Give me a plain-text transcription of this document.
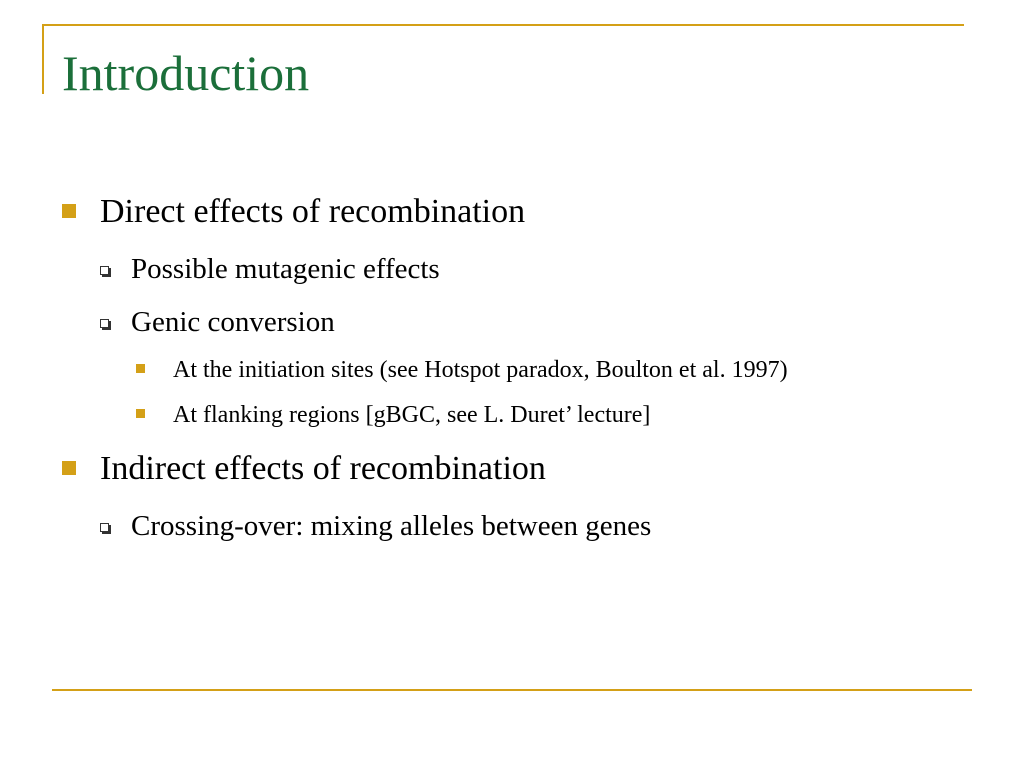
Introduction
Direct effects of recombination
Possible mutagenic effects
Genic conversion
At the initiation sites (see Hotspot paradox, Boulton et al. 1997)
At flanking regions [gBGC, see L. Duret’ lecture]
Indirect effects of recombination
Crossing-over: mixing alleles between genes
